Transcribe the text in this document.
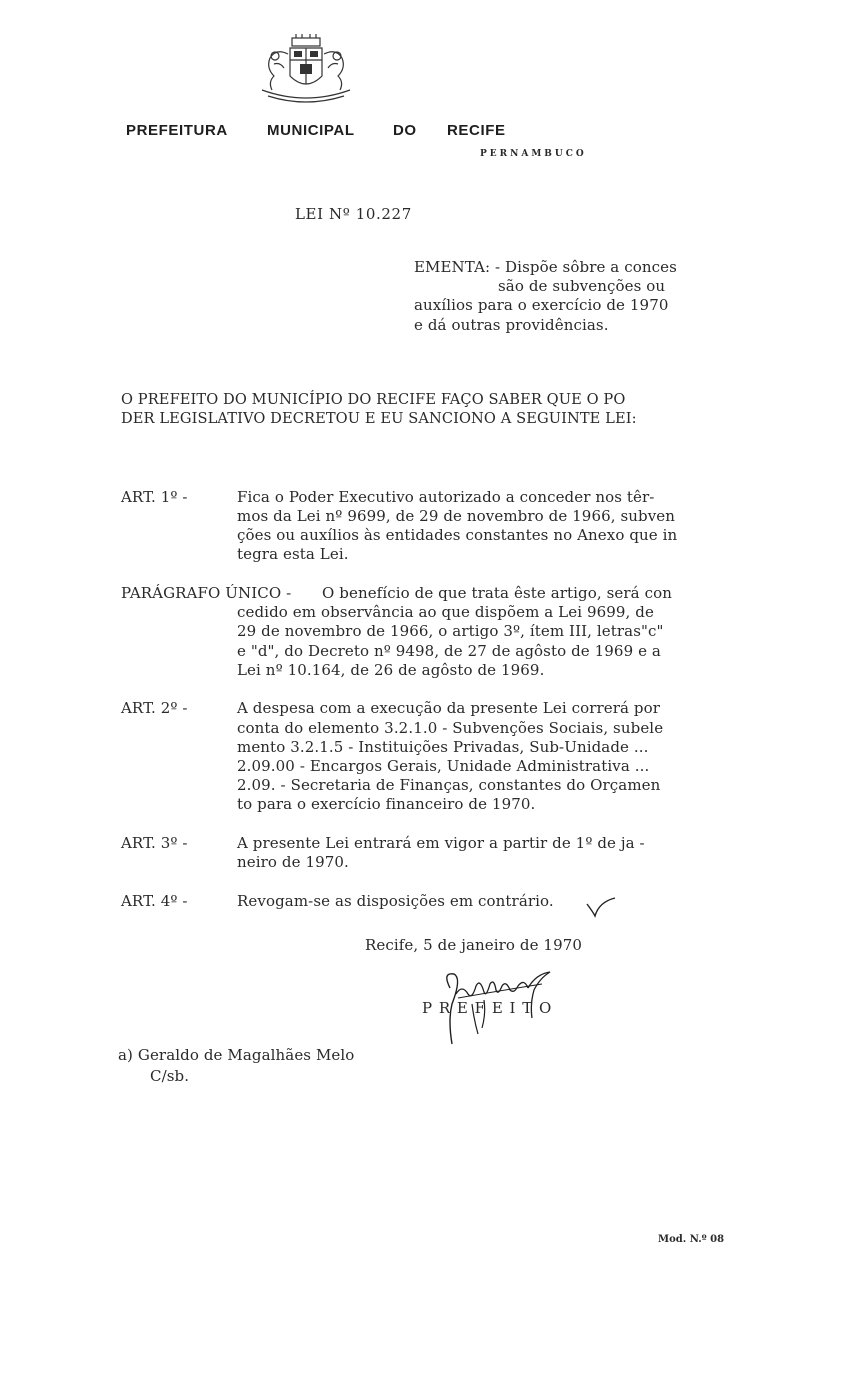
PREFEITURA	MUNICIPAL	DO RECIFE
PERNAMBUCO
LEI Nº 10.227
EMENTA: - Dispõe sôbre a conces
são de subvenções ou
auxílios para o exercício de 1970
e dá outras providências.
O PREFEITO DO MUNICÍPIO DO RECIFE FAÇO SABER QUE O PO
DER LEGISLATIVO DECRETOU E EU SANCIONO A SEGUINTE LEI:
ART. 1º -	Fica o Poder Executivo autorizado a conceder nos têr-
mos da Lei nº 9699, de 29 de novembro de 1966, subven
ções ou auxílios às entidades constantes no Anexo que in
tegra esta Lei.
PARÁGRAFO ÚNICO - O benefício de que trata êste artigo, será con
cedido em observância ao que dispõem a Lei 9699, de
29 de novembro de 1966, o artigo 3º, ítem III, letras"c"
e "d", do Decreto nº 9498, de 27 de agôsto de 1969 e a
Lei nº 10.164, de 26 de agôsto de 1969.
ART. 2º -	A despesa com a execução da presente Lei correrá por
conta do elemento 3.2.1.0 - Subvenções Sociais, subele
mento 3.2.1.5 - Instituições Privadas, Sub-Unidade ...
2.09.00 - Encargos Gerais, Unidade Administrativa ...
2.09. - Secretaria de Finanças, constantes do Orçamen
to para o exercício financeiro de 1970.
ART. 3º -	A presente Lei entrará em vigor a partir de 1º de ja -
neiro de 1970.
ART. 4º -	Revogam-se as disposições em contrário.
Recife, 5 de janeiro de 1970
P R E F E I T O
a) Geraldo de Magalhães Melo
C/sb.
Mod. N.º 08
